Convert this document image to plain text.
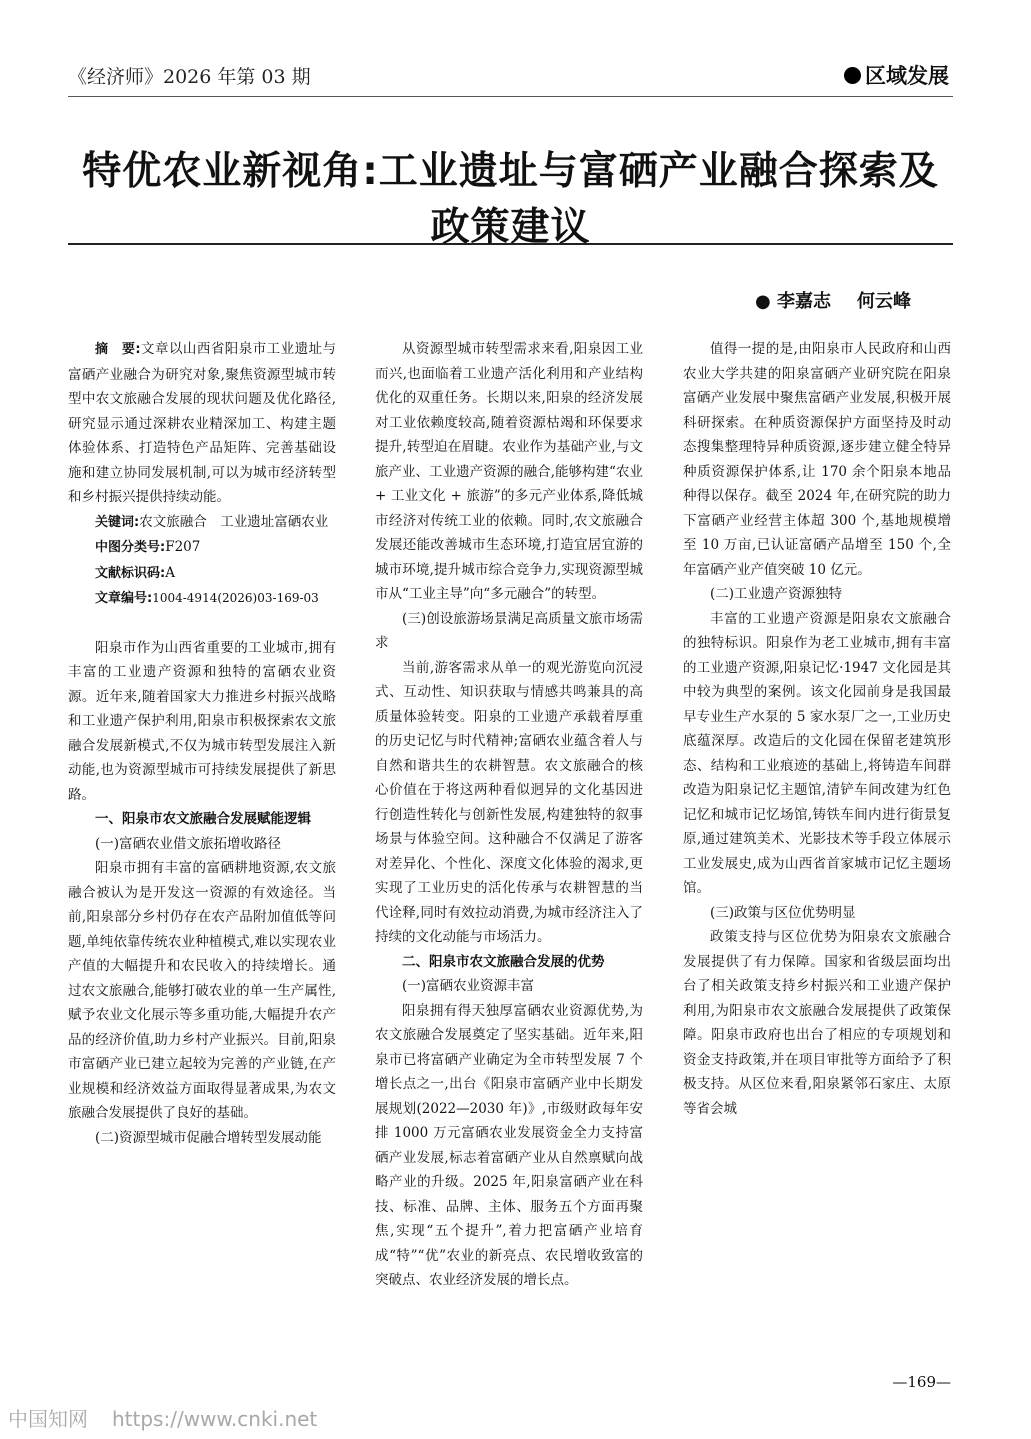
《经济师》2026 年第 03 期	区域发展
特优农业新视角:工业遗址与富硒产业融合探索及政策建议
● 李嘉志 何云峰

摘　要:文章以山西省阳泉市工业遗址与富硒产业融合为研究对象,聚焦资源型城市转型中农文旅融合发展的现状问题及优化路径,研究显示通过深耕农业精深加工、构建主题体验体系、打造特色产品矩阵、完善基础设施和建立协同发展机制,可以为城市经济转型和乡村振兴提供持续动能。

关键词:农文旅融合　工业遗址富硒农业

中图分类号:F207

文献标识码:A

文章编号:1004-4914(2026)03-169-03

阳泉市作为山西省重要的工业城市,拥有丰富的工业遗产资源和独特的富硒农业资源。近年来,随着国家大力推进乡村振兴战略和工业遗产保护利用,阳泉市积极探索农文旅融合发展新模式,不仅为城市转型发展注入新动能,也为资源型城市可持续发展提供了新思路。

一、阳泉市农文旅融合发展赋能逻辑

(一)富硒农业借文旅拓增收路径

阳泉市拥有丰富的富硒耕地资源,农文旅融合被认为是开发这一资源的有效途径。当前,阳泉部分乡村仍存在农产品附加值低等问题,单纯依靠传统农业种植模式,难以实现农业产值的大幅提升和农民收入的持续增长。通过农文旅融合,能够打破农业的单一生产属性,赋予农业文化展示等多重功能,大幅提升农产品的经济价值,助力乡村产业振兴。目前,阳泉市富硒产业已建立起较为完善的产业链,在产业规模和经济效益方面取得显著成果,为农文旅融合发展提供了良好的基础。

(二)资源型城市促融合增转型发展动能

从资源型城市转型需求来看,阳泉因工业而兴,也面临着工业遗产活化利用和产业结构优化的双重任务。长期以来,阳泉的经济发展对工业依赖度较高,随着资源枯竭和环保要求提升,转型迫在眉睫。农业作为基础产业,与文旅产业、工业遗产资源的融合,能够构建“农业 + 工业文化 + 旅游”的多元产业体系,降低城市经济对传统工业的依赖。同时,农文旅融合发展还能改善城市生态环境,打造宜居宜游的城市环境,提升城市综合竞争力,实现资源型城市从“工业主导”向“多元融合”的转型。

(三)创设旅游场景满足高质量文旅市场需求

当前,游客需求从单一的观光游览向沉浸式、互动性、知识获取与情感共鸣兼具的高质量体验转变。阳泉的工业遗产承载着厚重的历史记忆与时代精神;富硒农业蕴含着人与自然和谐共生的农耕智慧。农文旅融合的核心价值在于将这两种看似迥异的文化基因进行创造性转化与创新性发展,构建独特的叙事场景与体验空间。这种融合不仅满足了游客对差异化、个性化、深度文化体验的渴求,更实现了工业历史的活化传承与农耕智慧的当代诠释,同时有效拉动消费,为城市经济注入了持续的文化动能与市场活力。

二、阳泉市农文旅融合发展的优势

(一)富硒农业资源丰富

阳泉拥有得天独厚富硒农业资源优势,为农文旅融合发展奠定了坚实基础。近年来,阳泉市已将富硒产业确定为全市转型发展 7 个增长点之一,出台《阳泉市富硒产业中长期发展规划(2022—2030 年)》,市级财政每年安排 1000 万元富硒农业发展资金全力支持富硒产业发展,标志着富硒产业从自然禀赋向战略产业的升级。2025 年,阳泉富硒产业在科技、标准、品牌、主体、服务五个方面再聚焦,实现“五个提升”,着力把富硒产业培育成“特”“优”农业的新亮点、农民增收致富的突破点、农业经济发展的增长点。

值得一提的是,由阳泉市人民政府和山西农业大学共建的阳泉富硒产业研究院在阳泉富硒产业发展中聚焦富硒产业发展,积极开展科研探索。在种质资源保护方面坚持及时动态搜集整理特异种质资源,逐步建立健全特异种质资源保护体系,让 170 余个阳泉本地品种得以保存。截至 2024 年,在研究院的助力下富硒产业经营主体超 300 个,基地规模增至 10 万亩,已认证富硒产品增至 150 个,全年富硒产业产值突破 10 亿元。

(二)工业遗产资源独特

丰富的工业遗产资源是阳泉农文旅融合的独特标识。阳泉作为老工业城市,拥有丰富的工业遗产资源,阳泉记忆·1947 文化园是其中较为典型的案例。该文化园前身是我国最早专业生产水泵的 5 家水泵厂之一,工业历史底蕴深厚。改造后的文化园在保留老建筑形态、结构和工业痕迹的基础上,将铸造车间群改造为阳泉记忆主题馆,清铲车间改建为红色记忆和城市记忆场馆,铸铁车间内进行街景复原,通过建筑美术、光影技术等手段立体展示工业发展史,成为山西省首家城市记忆主题场馆。

(三)政策与区位优势明显

政策支持与区位优势为阳泉农文旅融合发展提供了有力保障。国家和省级层面均出台了相关政策支持乡村振兴和工业遗产保护利用,为阳泉市农文旅融合发展提供了政策保障。阳泉市政府也出台了相应的专项规划和资金支持政策,并在项目审批等方面给予了积极支持。从区位来看,阳泉紧邻石家庄、太原等省会城

—169—
中国知网 https://www.cnki.net
